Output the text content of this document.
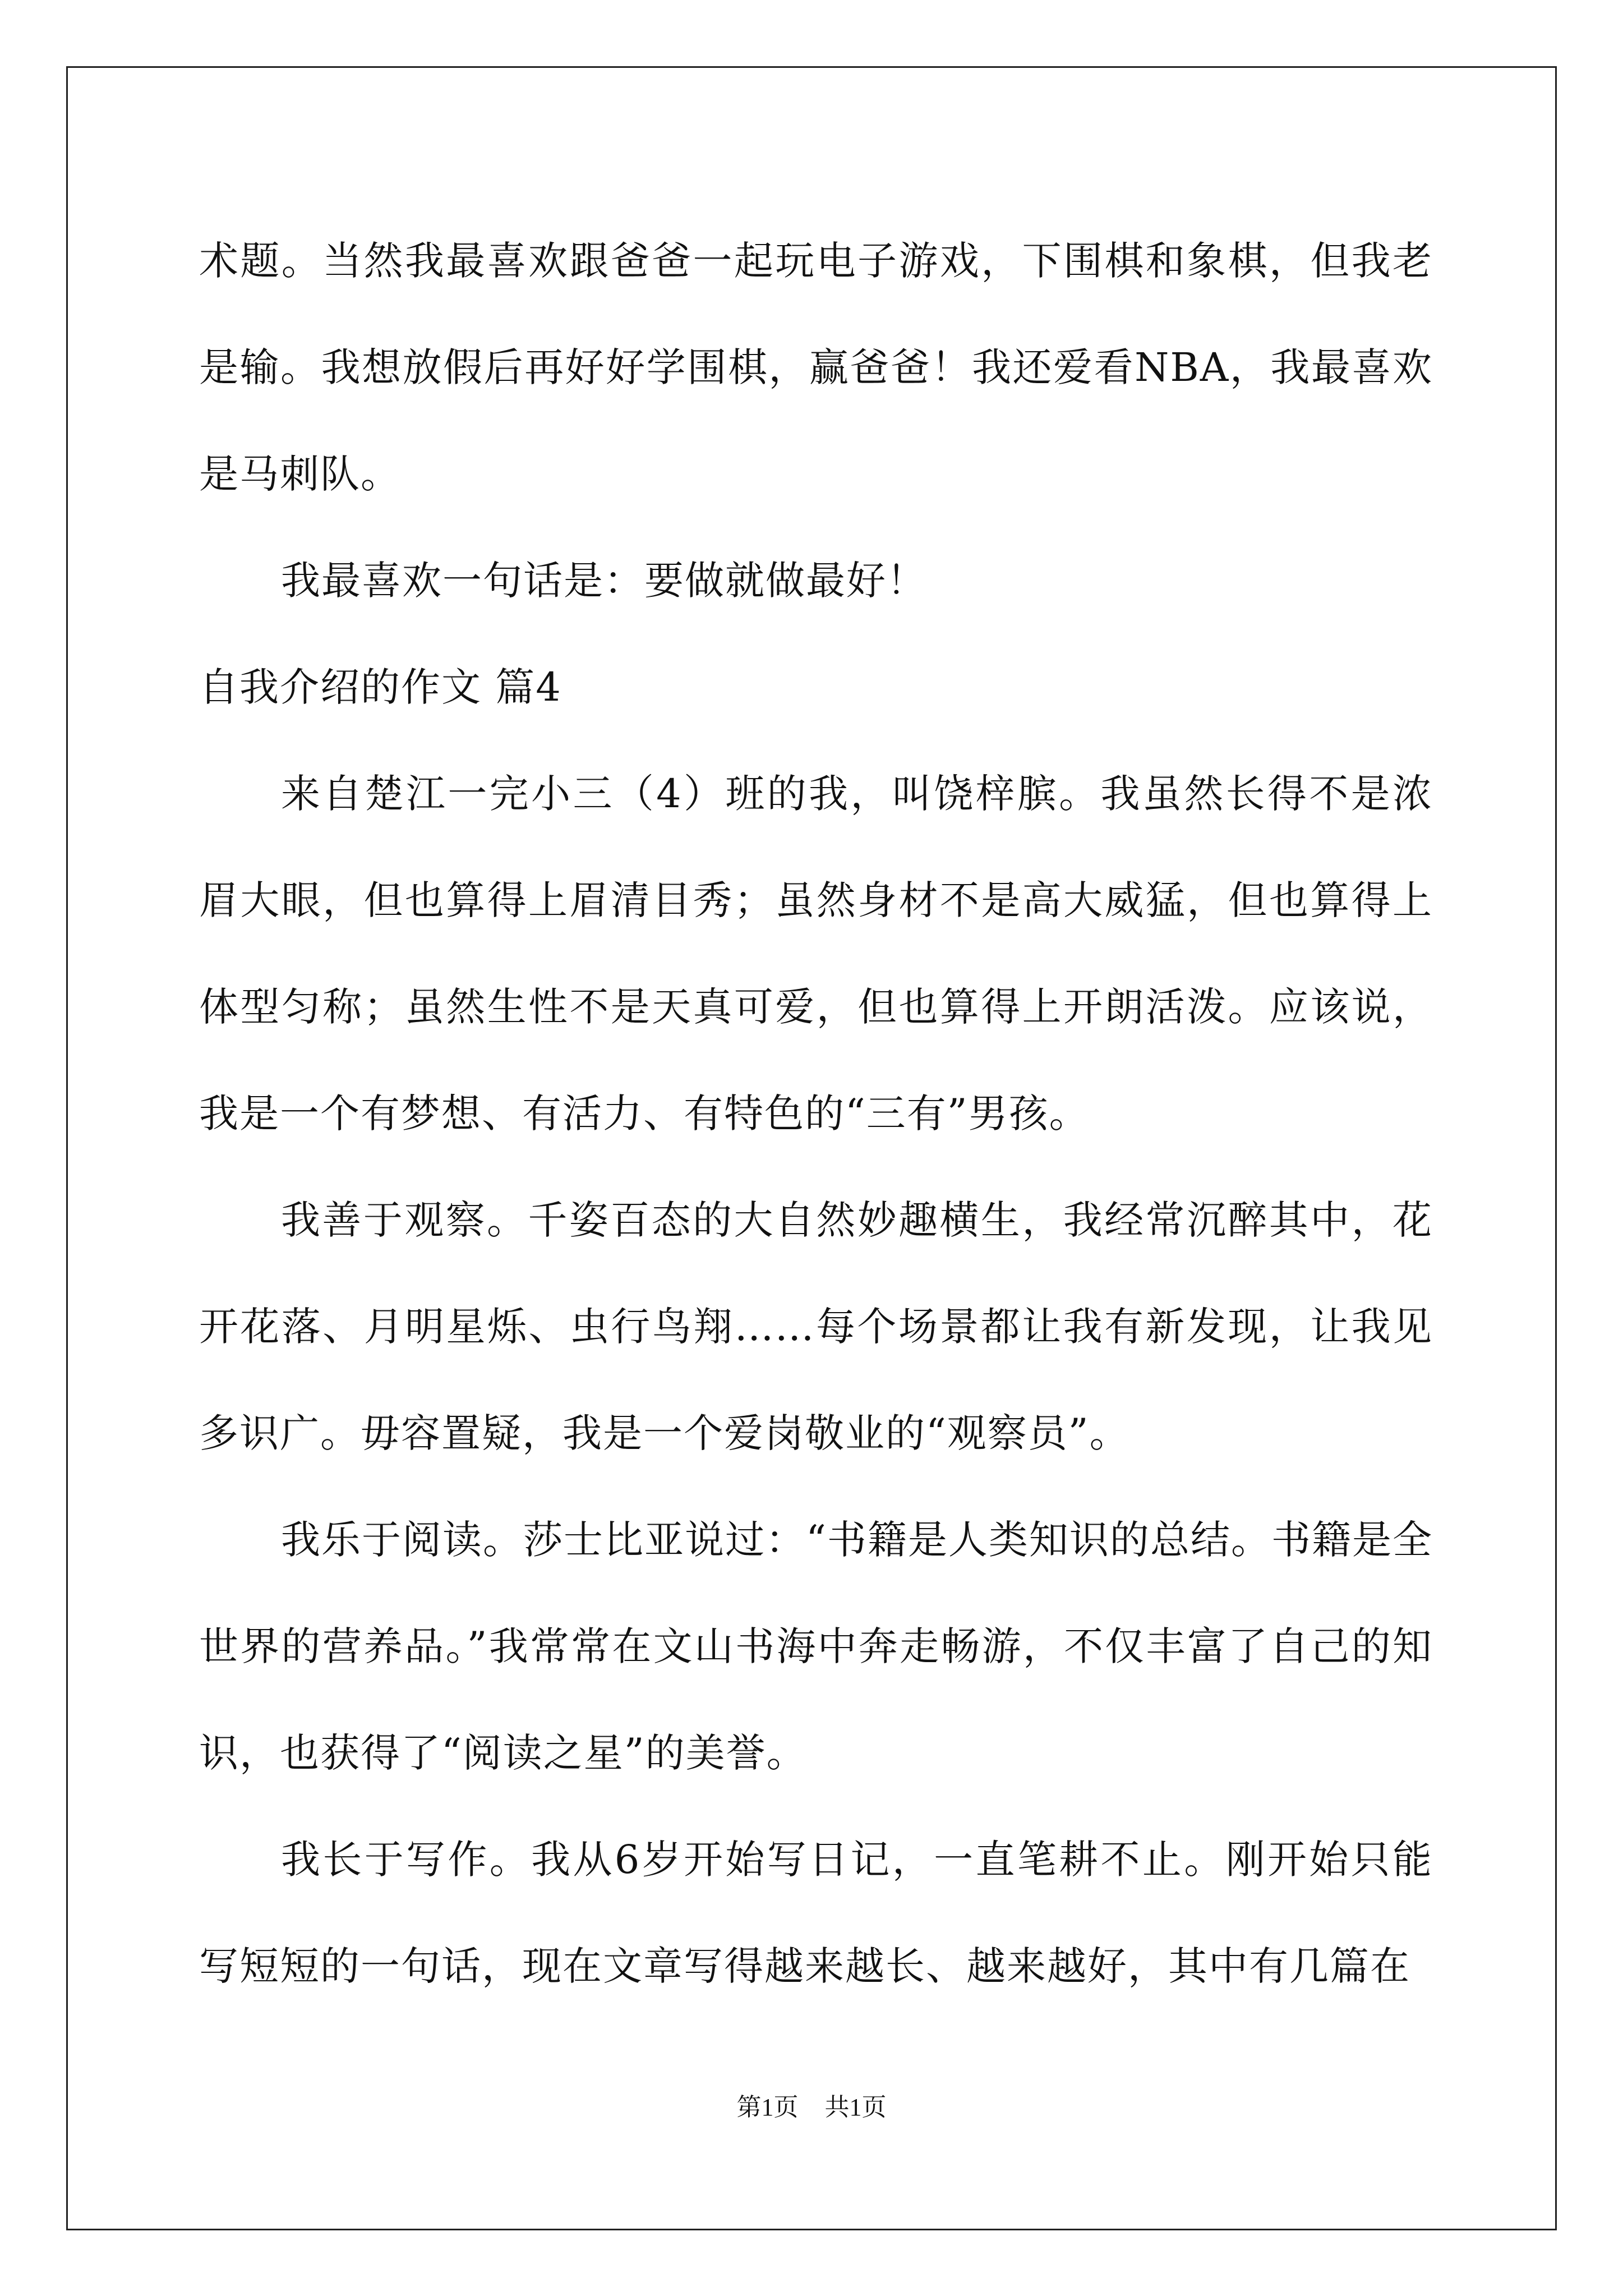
术题。当然我最喜欢跟爸爸一起玩电子游戏，下围棋和象棋，但我老是输。我想放假后再好好学围棋，赢爸爸！我还爱看NBA，我最喜欢是马刺队。

我最喜欢一句话是：要做就做最好！

自我介绍的作文 篇4

来自楚江一完小三（4）班的我，叫饶梓膑。我虽然长得不是浓眉大眼，但也算得上眉清目秀；虽然身材不是高大威猛，但也算得上体型匀称；虽然生性不是天真可爱，但也算得上开朗活泼。应该说，我是一个有梦想、有活力、有特色的“三有”男孩。

我善于观察。千姿百态的大自然妙趣横生，我经常沉醉其中，花开花落、月明星烁、虫行鸟翔……每个场景都让我有新发现，让我见多识广。毋容置疑，我是一个爱岗敬业的“观察员”。

我乐于阅读。莎士比亚说过：“书籍是人类知识的总结。书籍是全世界的营养品。”我常常在文山书海中奔走畅游，不仅丰富了自己的知识，也获得了“阅读之星”的美誉。

我长于写作。我从6岁开始写日记，一直笔耕不止。刚开始只能写短短的一句话，现在文章写得越来越长、越来越好，其中有几篇在

第1页 共1页
